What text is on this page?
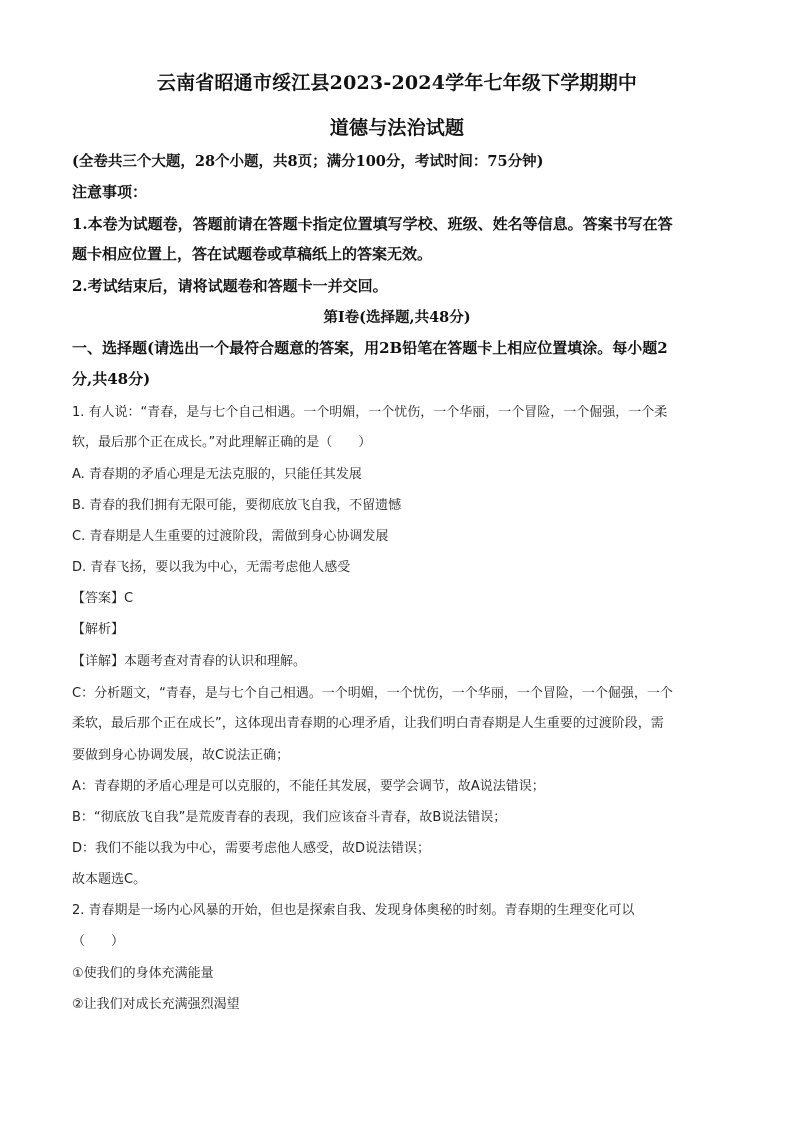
云南省昭通市绥江县2023-2024学年七年级下学期期中
道德与法治试题
(全卷共三个大题，28个小题，共8页；满分100分，考试时间：75分钟)
注意事项：
1.本卷为试题卷，答题前请在答题卡指定位置填写学校、班级、姓名等信息。答案书写在答
题卡相应位置上，答在试题卷或草稿纸上的答案无效。
2.考试结束后，请将试题卷和答题卡一并交回。
第Ⅰ卷(选择题,共48分)
一、选择题(请选出一个最符合题意的答案，用2B铅笔在答题卡上相应位置填涂。每小题2
分,共48分)
1. 有人说：“青春，是与七个自己相遇。一个明媚，一个忧伤，一个华丽，一个冒险，一个倔强，一个柔
软，最后那个正在成长。”对此理解正确的是（　　）
A. 青春期的矛盾心理是无法克服的，只能任其发展
B. 青春的我们拥有无限可能，要彻底放飞自我，不留遗憾
C. 青春期是人生重要的过渡阶段，需做到身心协调发展
D. 青春飞扬，要以我为中心，无需考虑他人感受
【答案】C
【解析】
【详解】本题考查对青春的认识和理解。
C：分析题文，“青春，是与七个自己相遇。一个明媚，一个忧伤，一个华丽，一个冒险，一个倔强，一个
柔软，最后那个正在成长”，这体现出青春期的心理矛盾，让我们明白青春期是人生重要的过渡阶段，需
要做到身心协调发展，故C说法正确；
A：青春期的矛盾心理是可以克服的，不能任其发展，要学会调节，故A说法错误；
B：“彻底放飞自我”是荒废青春的表现，我们应该奋斗青春，故B说法错误；
D：我们不能以我为中心，需要考虑他人感受，故D说法错误；
故本题选C。
2. 青春期是一场内心风暴的开始，但也是探索自我、发现身体奥秘的时刻。青春期的生理变化可以
（　　）
①使我们的身体充满能量
②让我们对成长充满强烈渴望
